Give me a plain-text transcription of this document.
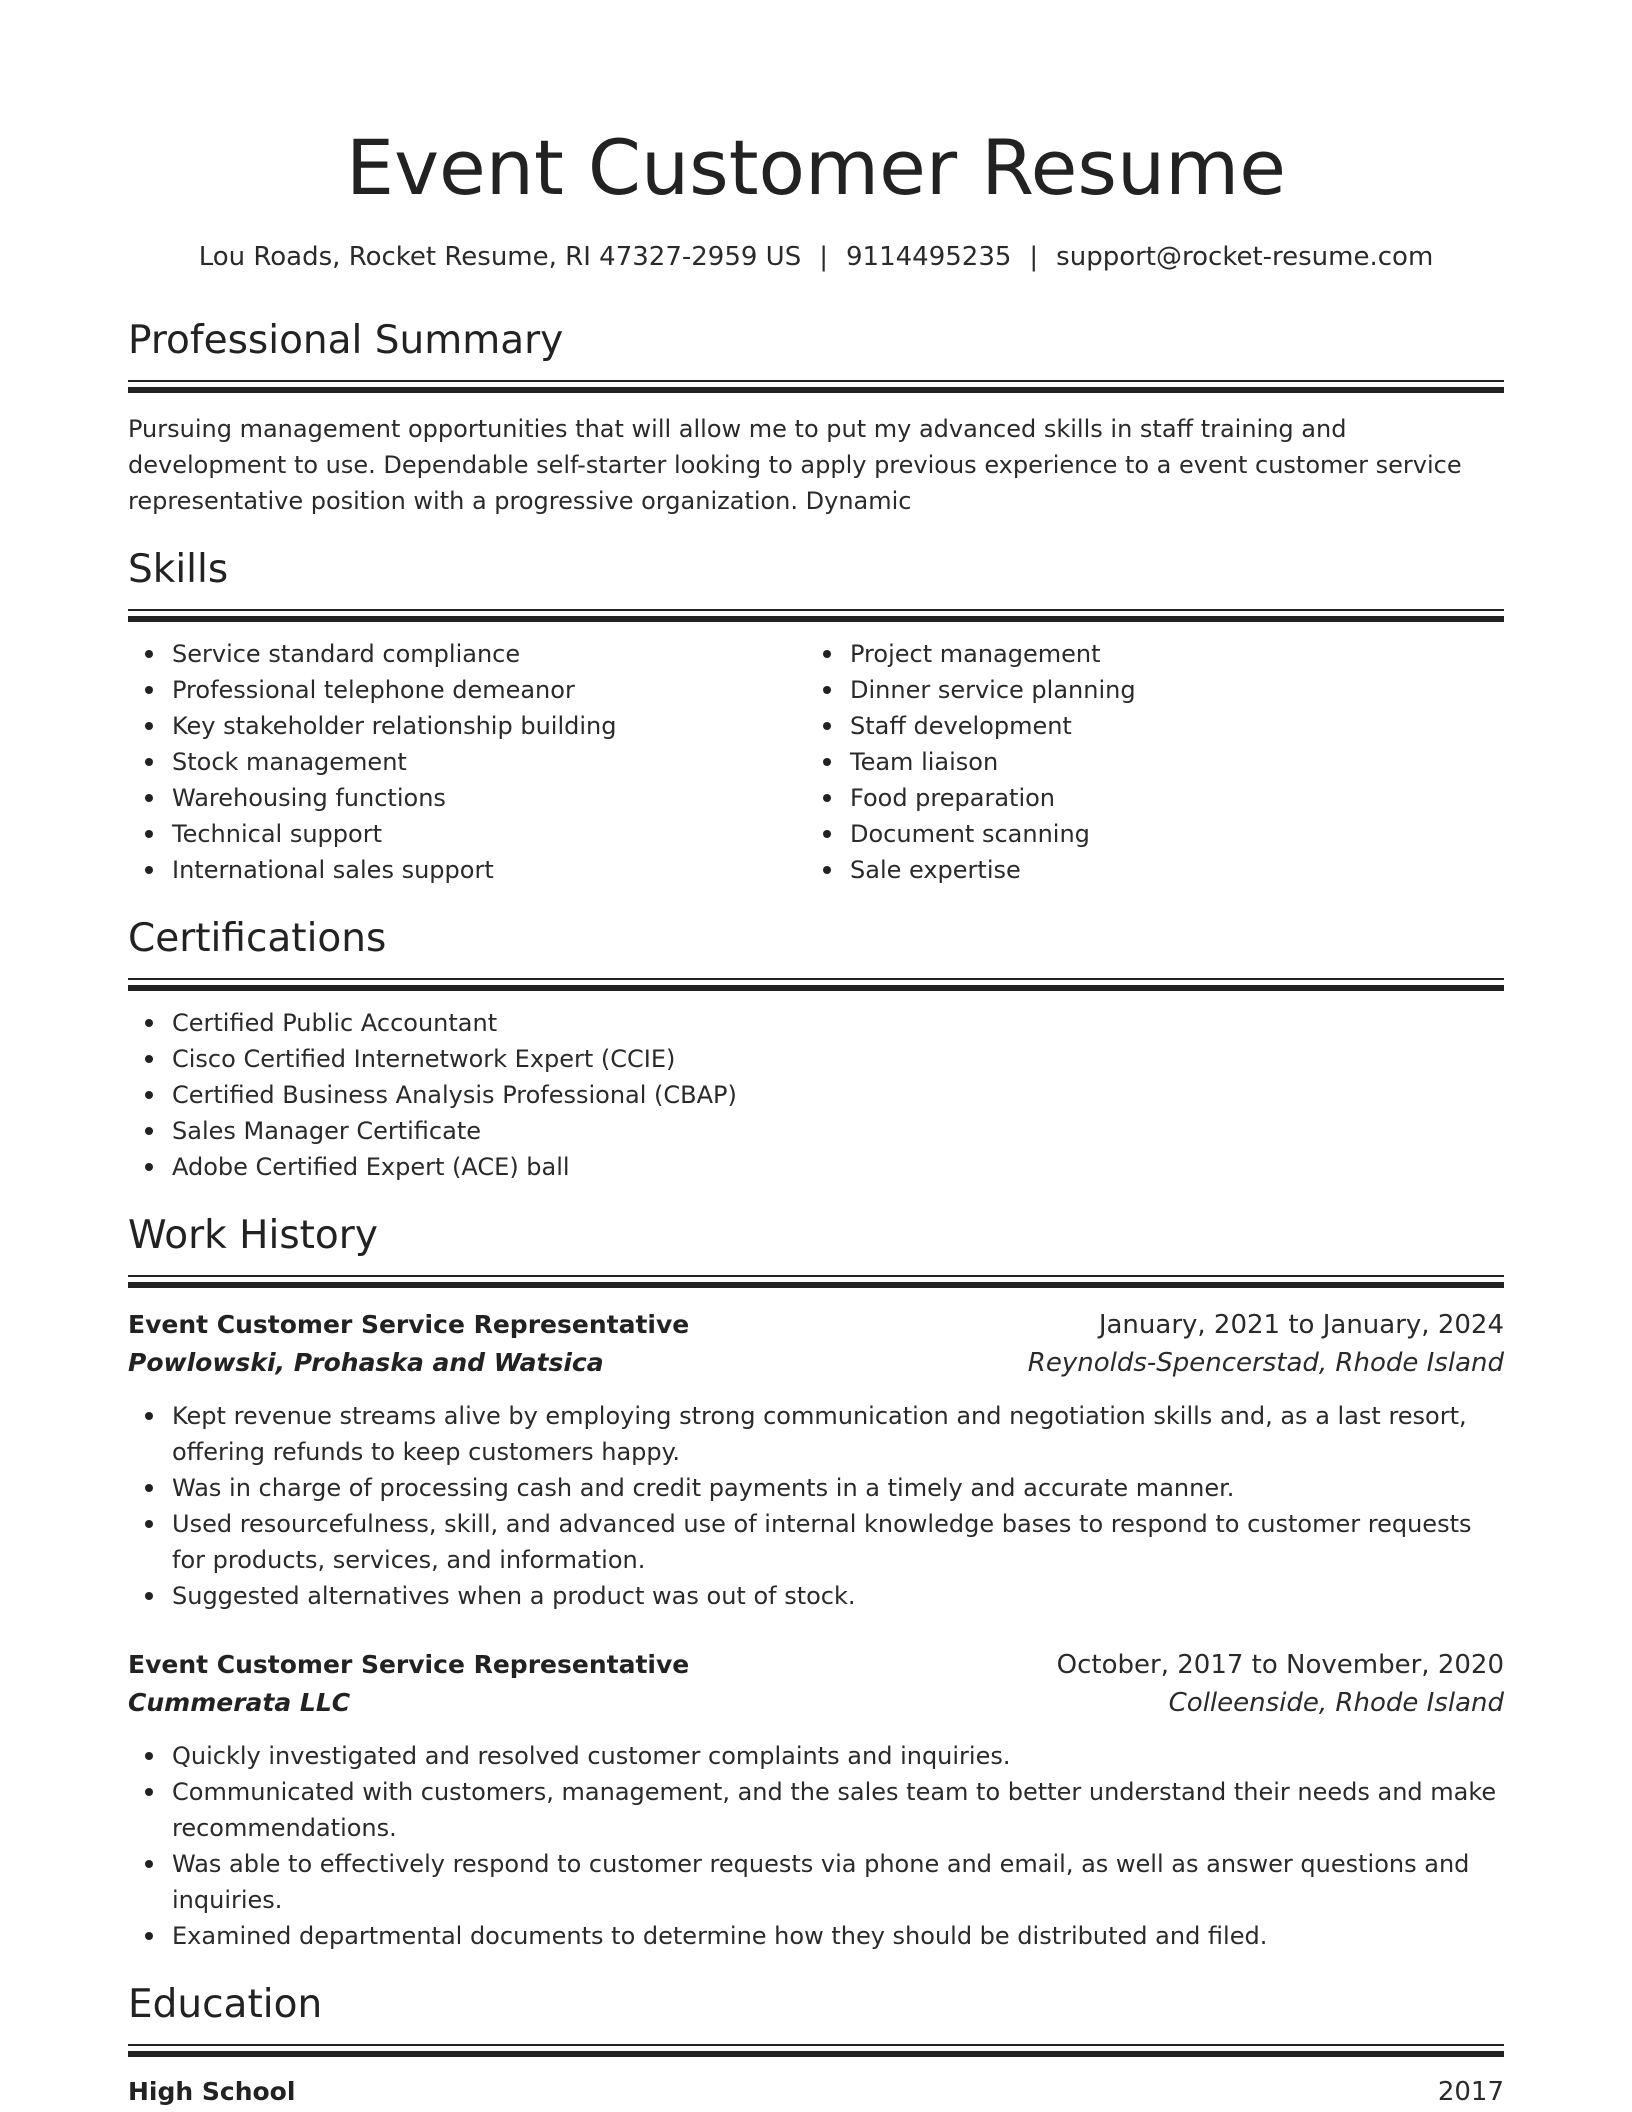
Event Customer Resume
Lou Roads, Rocket Resume, RI 47327-2959 US | 9114495235 | support@rocket-resume.com
Professional Summary

Pursuing management opportunities that will allow me to put my advanced skills in staff training and development to use. Dependable self-starter looking to apply previous experience to a event customer service representative position with a progressive organization. Dynamic

Skills
Service standard compliance
Professional telephone demeanor
Key stakeholder relationship building
Stock management
Warehousing functions
Technical support
International sales support
Project management
Dinner service planning
Staff development
Team liaison
Food preparation
Document scanning
Sale expertise
Certifications
Certified Public Accountant
Cisco Certified Internetwork Expert (CCIE)
Certified Business Analysis Professional (CBAP)
Sales Manager Certificate
Adobe Certified Expert (ACE) ball
Work History
Event Customer Service Representative	January, 2021 to January, 2024
Powlowski, Prohaska and Watsica	Reynolds-Spencerstad, Rhode Island
Kept revenue streams alive by employing strong communication and negotiation skills and, as a last resort, offering refunds to keep customers happy.
Was in charge of processing cash and credit payments in a timely and accurate manner.
Used resourcefulness, skill, and advanced use of internal knowledge bases to respond to customer requests for products, services, and information.
Suggested alternatives when a product was out of stock.
Event Customer Service Representative	October, 2017 to November, 2020
Cummerata LLC	Colleenside, Rhode Island
Quickly investigated and resolved customer complaints and inquiries.
Communicated with customers, management, and the sales team to better understand their needs and make recommendations.
Was able to effectively respond to customer requests via phone and email, as well as answer questions and inquiries.
Examined departmental documents to determine how they should be distributed and filed.
Education
High School	2017
